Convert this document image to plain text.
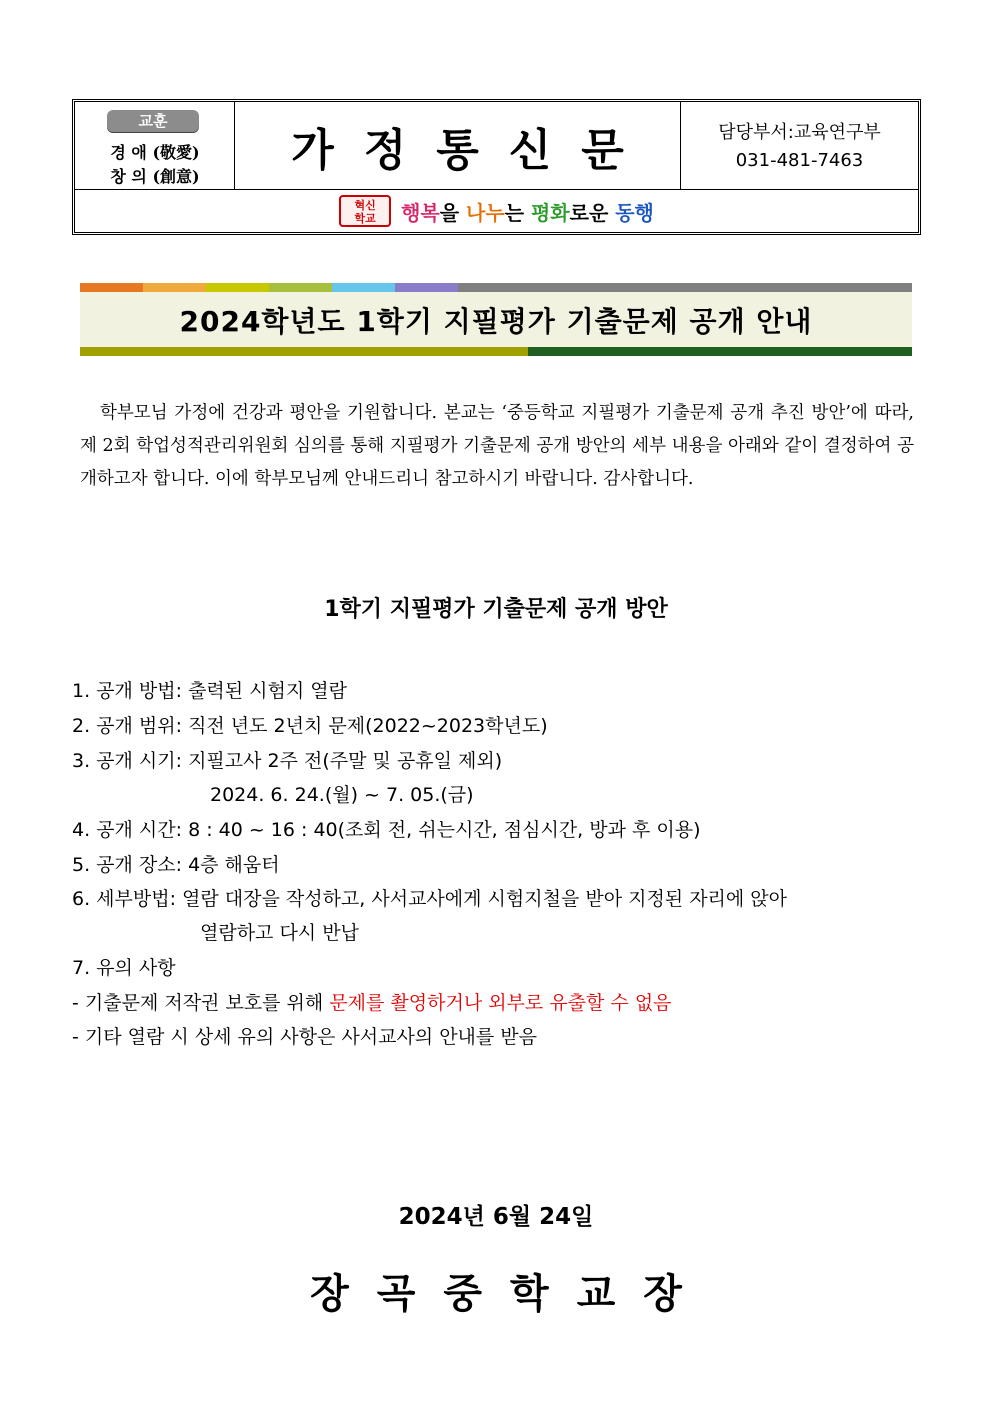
교훈
경 애 (敬愛)
창 의 (創意)
가정통신문	담당부서:교육연구부
031-481-7463
혁신
학교	행복을 나누는 평화로운 동행
2024학년도 1학기 지필평가 기출문제 공개 안내
학부모님 가정에 건강과 평안을 기원합니다. 본교는 ‘중등학교 지필평가 기출문제 공개 추진 방안’에 따라, 제 2회 학업성적관리위원회 심의를 통해 지필평가 기출문제 공개 방안의 세부 내용을 아래와 같이 결정하여 공개하고자 합니다. 이에 학부모님께 안내드리니 참고하시기 바랍니다. 감사합니다.
1학기 지필평가 기출문제 공개 방안
1. 공개 방법: 출력된 시험지 열람
2. 공개 범위: 직전 년도 2년치 문제(2022~2023학년도)
3. 공개 시기: 지필고사 2주 전(주말 및 공휴일 제외)
2024. 6. 24.(월) ~ 7. 05.(금)
4. 공개 시간: 8 : 40 ~ 16 : 40(조회 전, 쉬는시간, 점심시간, 방과 후 이용)
5. 공개 장소: 4층 해움터
6. 세부방법: 열람 대장을 작성하고, 사서교사에게 시험지철을 받아 지정된 자리에 앉아
열람하고 다시 반납
7. 유의 사항
- 기출문제 저작권 보호를 위해 문제를 촬영하거나 외부로 유출할 수 없음
- 기타 열람 시 상세 유의 사항은 사서교사의 안내를 받음
2024년 6월 24일
장곡중학교장
